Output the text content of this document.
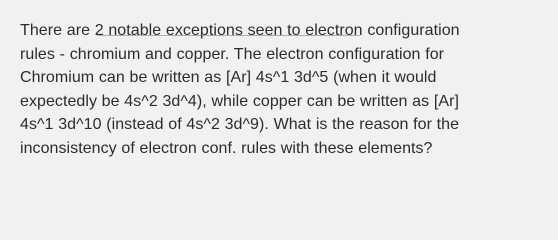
There are 2 notable exceptions seen to electron configuration
rules - chromium and copper. The electron configuration for
Chromium can be written as [Ar] 4s^1 3d^5 (when it would
expectedly be 4s^2 3d^4), while copper can be written as [Ar]
4s^1 3d^10 (instead of 4s^2 3d^9). What is the reason for the
inconsistency of electron conf. rules with these elements?
